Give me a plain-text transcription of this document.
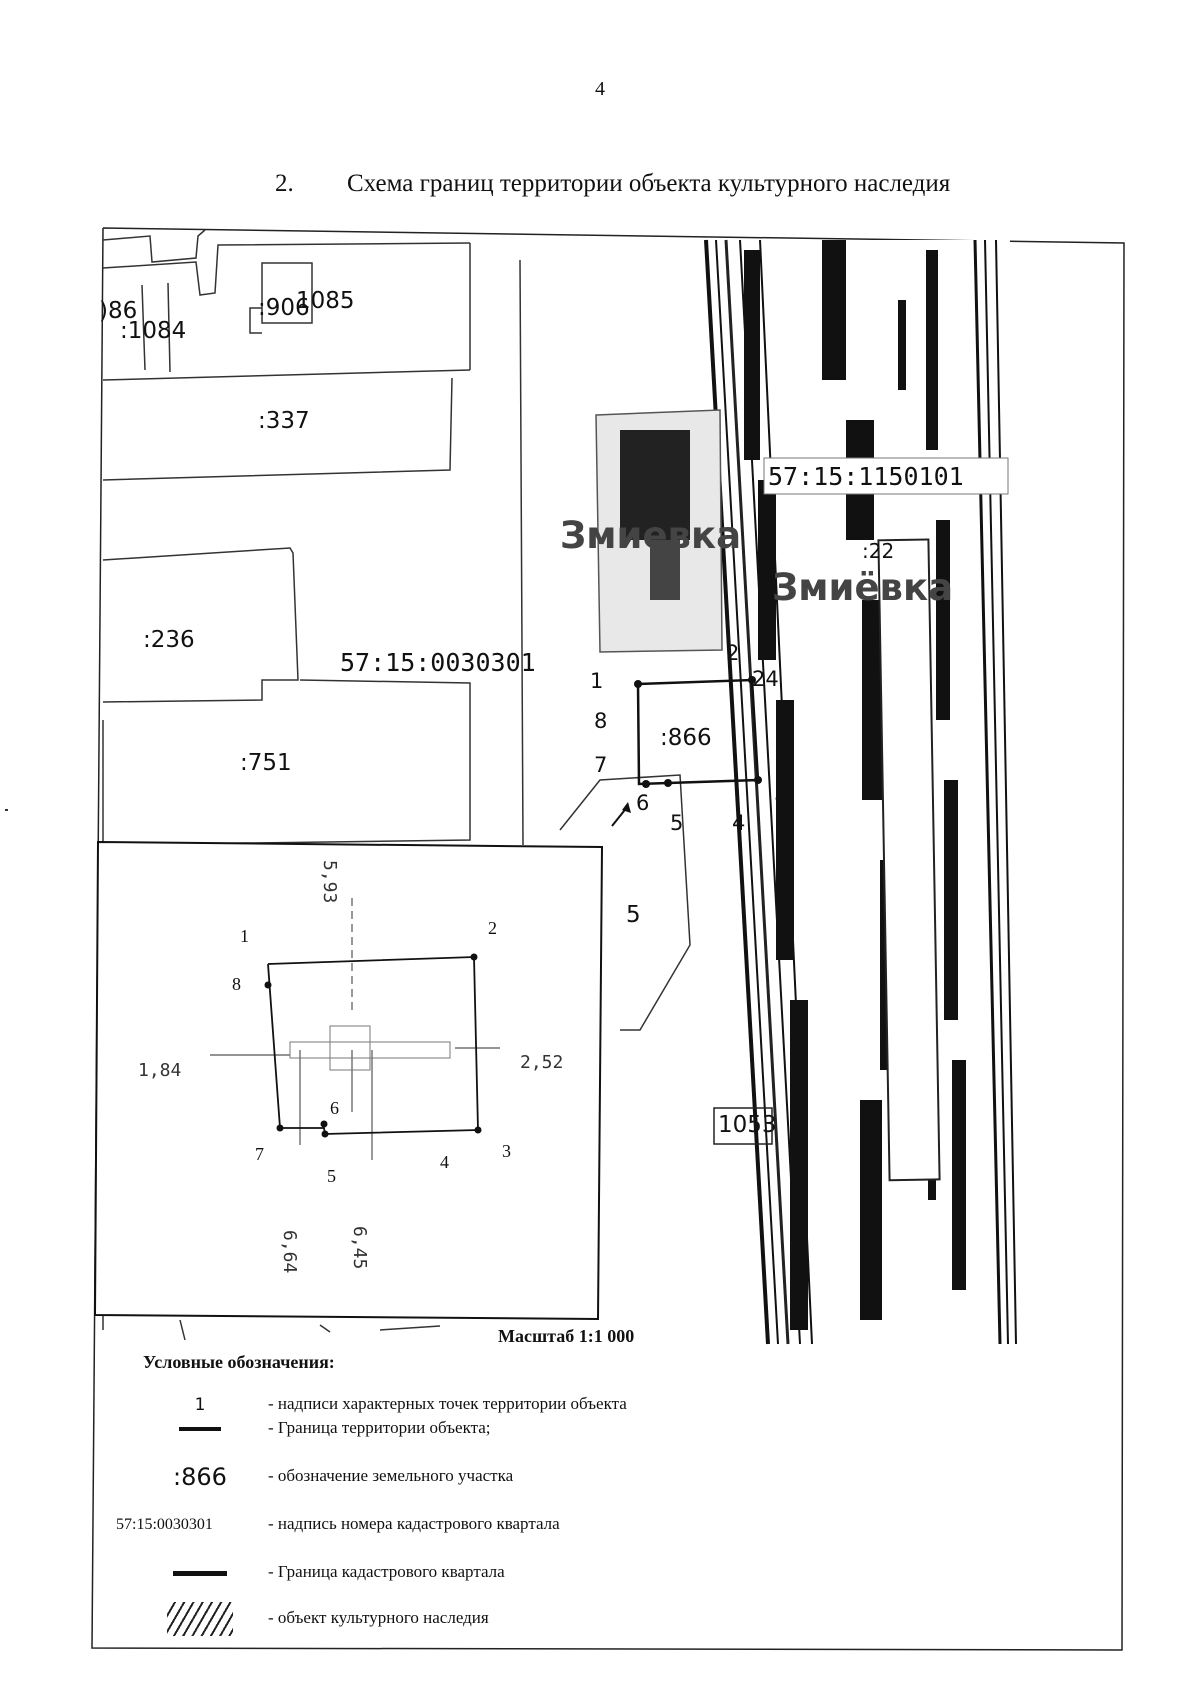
4
2. Схема границ территории объекта культурного наследия
)86
:1084
:906
1085
:337
:236
:751
:866
5
:22
1053
57:15:0030301
57:15:1150101
Змиевка
Змиёвка
1
2
24
8
7
6
5 4
3
1	2
8
6
7
5
4
3
5,93
1,84	2,52
6,64	6,45
Масштаб 1:1 000
Условные обозначения:
1	- надписи характерных точек территории объекта
- Граница территории объекта;
:866 - обозначение земельного участка
57:15:0030301	- надпись номера кадастрового квартала
- Граница кадастрового квартала
- объект культурного наследия
